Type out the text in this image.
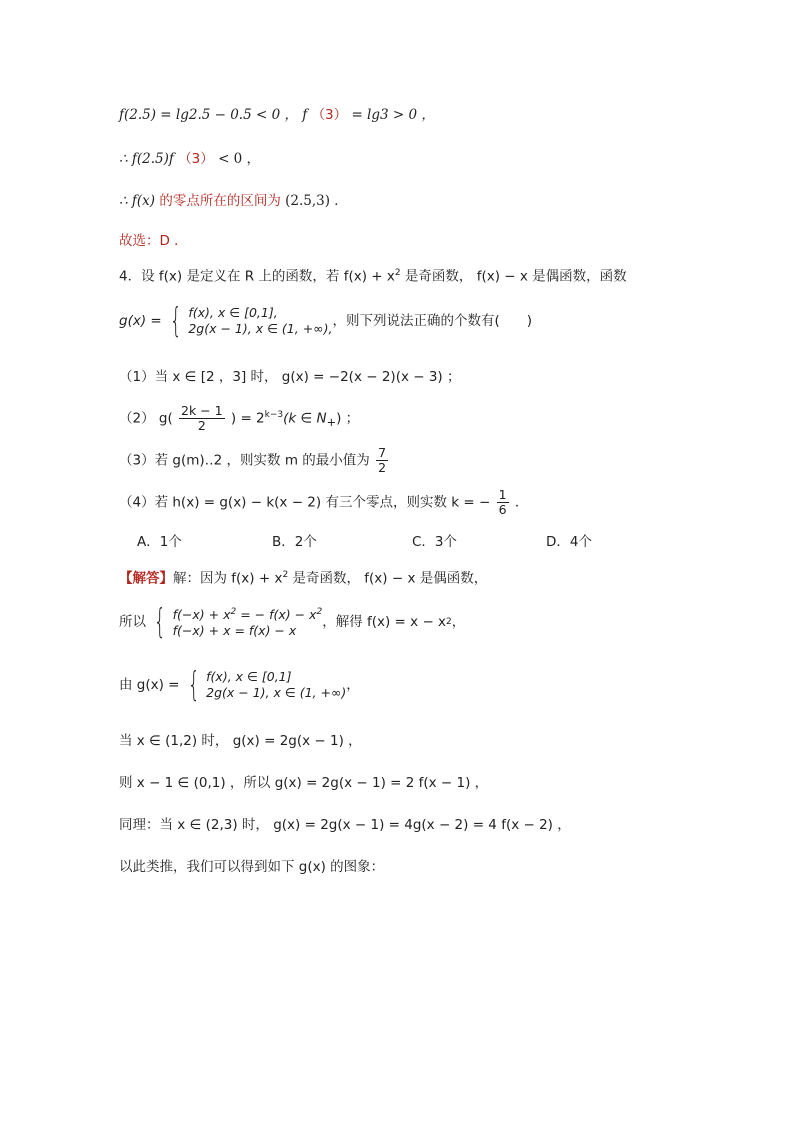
f(2.5) = lg2.5 − 0.5 < 0 ， f （3） = lg3 > 0 ，
∴ f(2.5)f （3） < 0 ，
∴ f(x) 的零点所在的区间为 (2.5,3) ．
故选：D ．
4．设 f(x) 是定义在 R 上的函数，若 $f(x) + x^2$ 是奇函数， f(x) − x 是偶函数，函数
g(x) = { f(x), x ∈ [0,1],
2g(x − 1), x ∈ (1, +∞), ，则下列说法正确的个数有(　　)
（1）当 x ∈ [2 ，3] 时， g(x) = −2(x − 2)(x − 3) ；
（2） $g( \frac{2k - 1}{2}$ ) = $2^{k-3}(k$ ∈ $N_+$) ；
（3）若 g(m)‥2 ，则实数 m 的最小值为 $\frac{7}{2}$
（4）若 h(x) = g(x) − k(x − 2) 有三个零点，则实数 k = − $\frac{1}{6}$ ．
A．1个	B．2个	C．3个	D．4个
【解答】解：因为 $f(x) + x^2$ 是奇函数， f(x) − x 是偶函数，
所以 { $f(-x) + x^2$ = − $f(x) - x^2$
f(−x) + x = f(x) − x
，解得 f(x) = x − x 2 ，
由 g(x) = { f(x), x ∈ [0,1]
2g(x − 1), x ∈ (1, +∞) ，
当 x ∈ (1,2) 时， g(x) = 2g(x − 1) ，
则 x − 1 ∈ (0,1) ，所以 g(x) = 2g(x − 1) = 2 f(x − 1) ，
同理：当 x ∈ (2,3) 时， g(x) = 2g(x − 1) = 4g(x − 2) = 4 f(x − 2) ，
以此类推，我们可以得到如下 g(x) 的图象：
